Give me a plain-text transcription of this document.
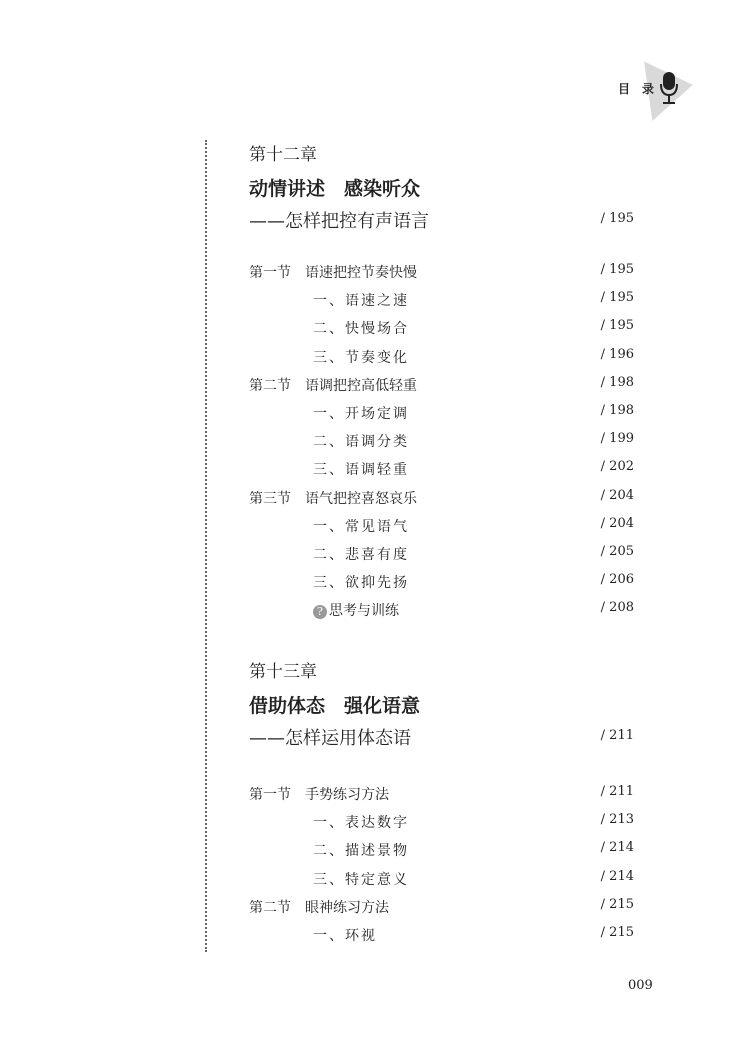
目 录
第十二章
动情讲述　感染听众
——怎样把控有声语言	/ 195
第一节　语速把控节奏快慢	/ 195
一、语速之速	/ 195
二、快慢场合	/ 195
三、节奏变化	/ 196
第二节　语调把控高低轻重	/ 198
一、开场定调	/ 198
二、语调分类	/ 199
三、语调轻重	/ 202
第三节　语气把控喜怒哀乐	/ 204
一、常见语气	/ 204
二、悲喜有度	/ 205
三、欲抑先扬	/ 206
? 思考与训练	/ 208
第十三章
借助体态　强化语意
——怎样运用体态语	/ 211
第一节　手势练习方法	/ 211
一、表达数字	/ 213
二、描述景物	/ 214
三、特定意义	/ 214
第二节　眼神练习方法	/ 215
一、环视	/ 215
009
